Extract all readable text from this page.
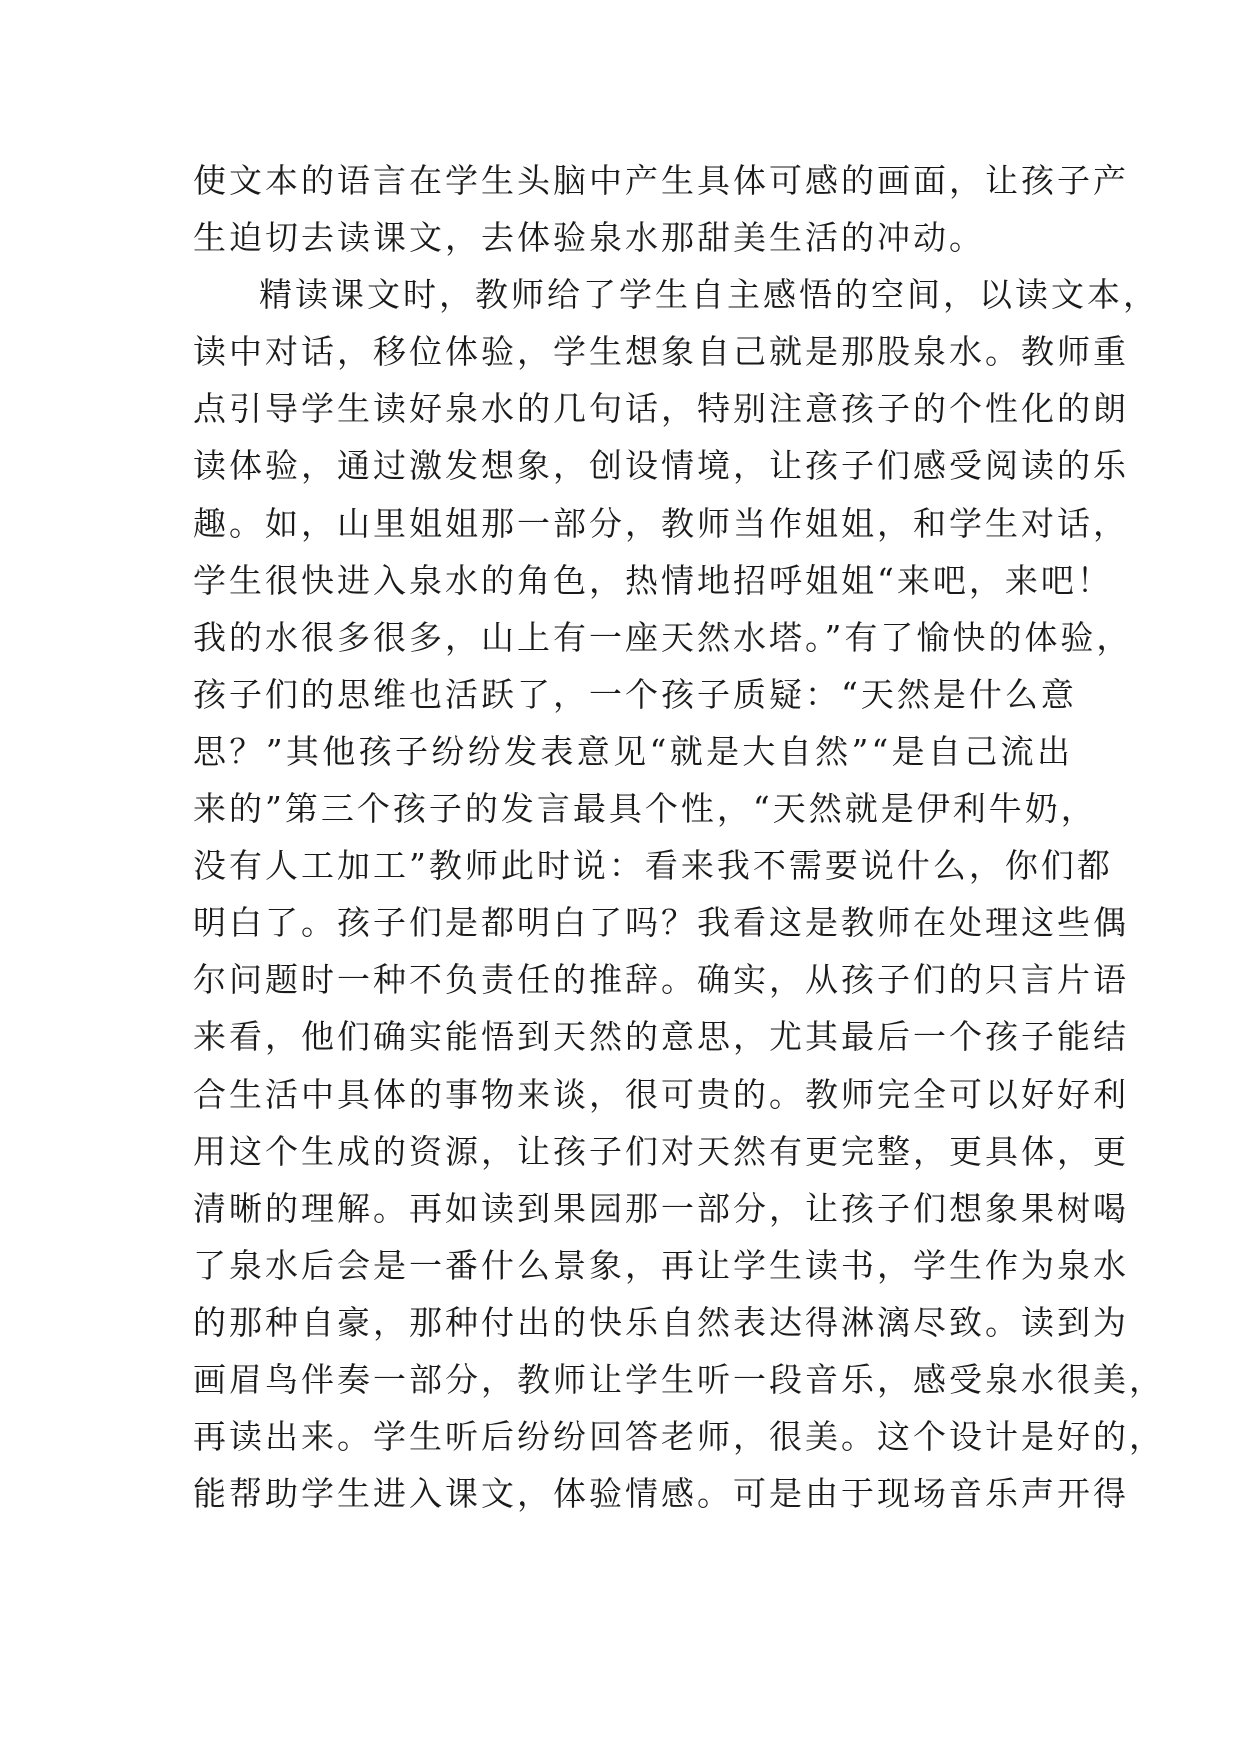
使文本的语言在学生头脑中产生具体可感的画面，让孩子产
生迫切去读课文，去体验泉水那甜美生活的冲动。
精读课文时，教师给了学生自主感悟的空间，以读文本，
读中对话，移位体验，学生想象自己就是那股泉水。教师重
点引导学生读好泉水的几句话，特别注意孩子的个性化的朗
读体验，通过激发想象，创设情境，让孩子们感受阅读的乐
趣。如，山里姐姐那一部分，教师当作姐姐，和学生对话，
学生很快进入泉水的角色，热情地招呼姐姐“来吧，来吧！
我的水很多很多，山上有一座天然水塔。”有了愉快的体验，
孩子们的思维也活跃了，一个孩子质疑：“天然是什么意
思？”其他孩子纷纷发表意见“就是大自然”“是自己流出
来的”第三个孩子的发言最具个性，“天然就是伊利牛奶，
没有人工加工”教师此时说：看来我不需要说什么，你们都
明白了。孩子们是都明白了吗？我看这是教师在处理这些偶
尔问题时一种不负责任的推辞。确实，从孩子们的只言片语
来看，他们确实能悟到天然的意思，尤其最后一个孩子能结
合生活中具体的事物来谈，很可贵的。教师完全可以好好利
用这个生成的资源，让孩子们对天然有更完整，更具体，更
清晰的理解。再如读到果园那一部分，让孩子们想象果树喝
了泉水后会是一番什么景象，再让学生读书，学生作为泉水
的那种自豪，那种付出的快乐自然表达得淋漓尽致。读到为
画眉鸟伴奏一部分，教师让学生听一段音乐，感受泉水很美，
再读出来。学生听后纷纷回答老师，很美。这个设计是好的，
能帮助学生进入课文，体验情感。可是由于现场音乐声开得
